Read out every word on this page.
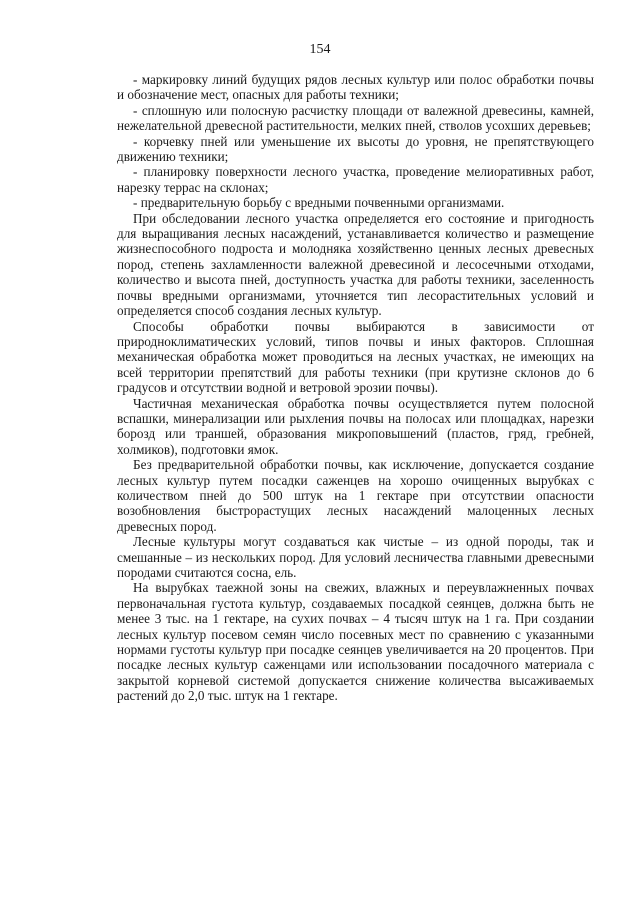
154

- маркировку линий будущих рядов лесных культур или полос обработки почвы и обозначение мест, опасных для работы техники;

- сплошную или полосную расчистку площади от валежной древесины, камней, нежелательной древесной растительности, мелких пней, стволов усохших деревьев;

- корчевку пней или уменьшение их высоты до уровня, не препятствующего движению техники;

- планировку поверхности лесного участка, проведение мелиоративных работ, нарезку террас на склонах;

- предварительную борьбу с вредными почвенными организмами.

При обследовании лесного участка определяется его состояние и пригодность для выращивания лесных насаждений, устанавливается количество и размещение жизнеспособного подроста и молодняка хозяйственно ценных лесных древесных пород, степень захламленности валежной древесиной и лесосечными отходами, количество и высота пней, доступность участка для работы техники, заселенность почвы вредными организмами, уточняется тип лесорастительных условий и определяется способ создания лесных культур.

Способы обработки почвы выбираются в зависимости от природноклиматических условий, типов почвы и иных факторов. Сплошная механическая обработка может проводиться на лесных участках, не имеющих на всей территории препятствий для работы техники (при крутизне склонов до 6 градусов и отсутствии водной и ветровой эрозии почвы).

Частичная механическая обработка почвы осуществляется путем полосной вспашки, минерализации или рыхления почвы на полосах или площадках, нарезки борозд или траншей, образования микроповышений (пластов, гряд, гребней, холмиков), подготовки ямок.

Без предварительной обработки почвы, как исключение, допускается создание лесных культур путем посадки саженцев на хорошо очищенных вырубках с количеством пней до 500 штук на 1 гектаре при отсутствии опасности возобновления быстрорастущих лесных насаждений малоценных лесных древесных пород.

Лесные культуры могут создаваться как чистые – из одной породы, так и смешанные – из нескольких пород. Для условий лесничества главными древесными породами считаются сосна, ель.

На вырубках таежной зоны на свежих, влажных и переувлажненных почвах первоначальная густота культур, создаваемых посадкой сеянцев, должна быть не менее 3 тыс. на 1 гектаре, на сухих почвах – 4 тысяч штук на 1 га. При создании лесных культур посевом семян число посевных мест по сравнению с указанными нормами густоты культур при посадке сеянцев увеличивается на 20 процентов. При посадке лесных культур саженцами или использовании посадочного материала с закрытой корневой системой допускается снижение количества высаживаемых растений до 2,0 тыс. штук на 1 гектаре.
